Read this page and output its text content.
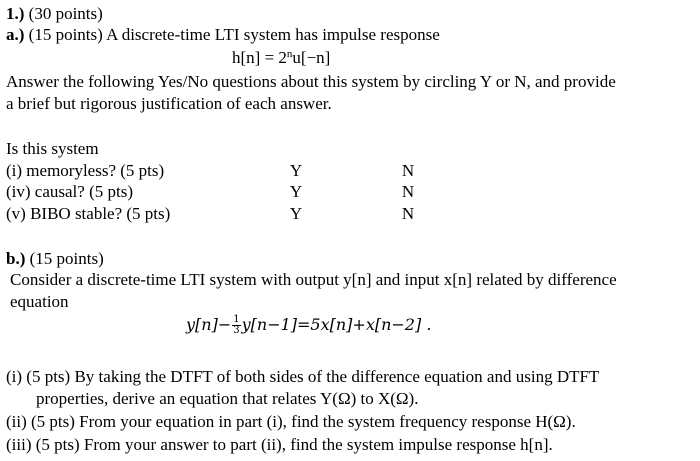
1.) (30 points)
a.) (15 points) A discrete-time LTI system has impulse response
$h[n] = 2^nu[-n]$
Answer the following Yes/No questions about this system by circling Y or N, and provide
a brief but rigorous justification of each answer.
Is this system
(i) memoryless? (5 pts)	Y	N
(iv) causal? (5 pts)	Y	N
(v) BIBO stable? (5 pts)	Y	N
b.) (15 points)
Consider a discrete-time LTI system with output y[n] and input x[n] related by difference
equation
$y[n]- \frac{1}{3} y[n-1]=5x[n]+x[n-2]$ .
(i) (5 pts) By taking the DTFT of both sides of the difference equation and using DTFT
properties, derive an equation that relates Y(Ω) to X(Ω).
(ii) (5 pts) From your equation in part (i), find the system frequency response H(Ω).
(iii) (5 pts) From your answer to part (ii), find the system impulse response h[n].
